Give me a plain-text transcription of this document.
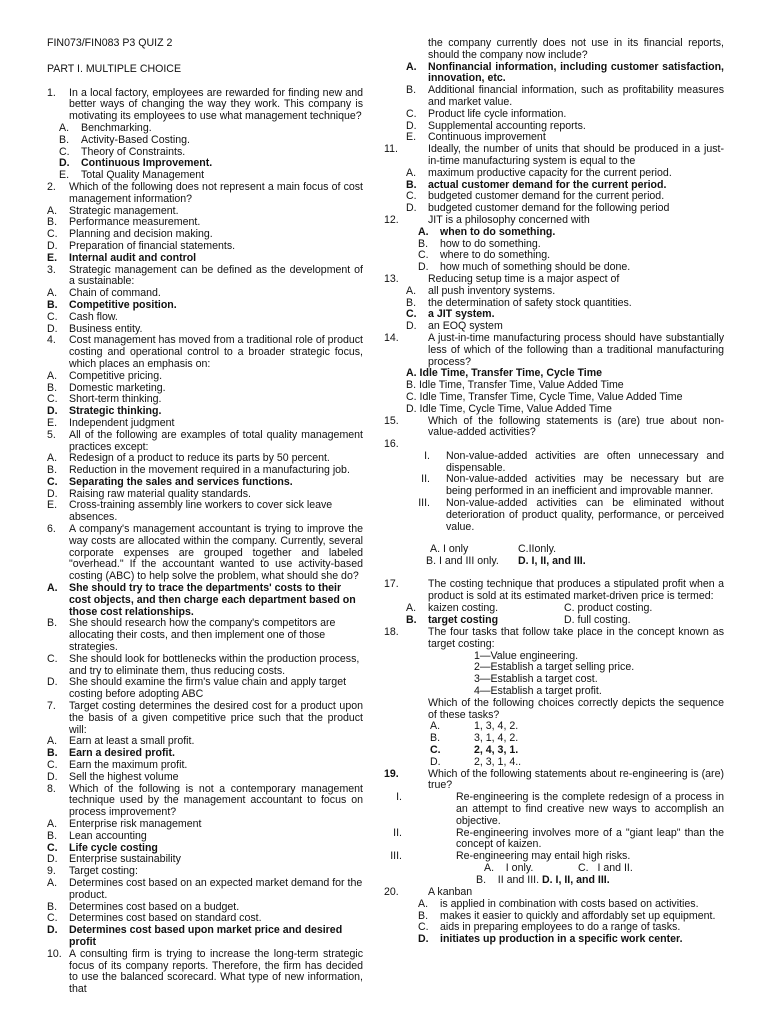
FIN073/FIN083 P3 QUIZ 2
PART I. MULTIPLE CHOICE
1. In a local factory, employees are rewarded for finding new and better ways of changing the way they work. This company is motivating its employees to use what management technique?
A. Benchmarking.
B. Activity-Based Costing.
C. Theory of Constraints.
D. Continuous Improvement.
E. Total Quality Management
2. Which of the following does not represent a main focus of cost management information?
A. Strategic management.
B. Performance measurement.
C. Planning and decision making.
D. Preparation of financial statements.
E. Internal audit and control
3. Strategic management can be defined as the development of a sustainable:
A. Chain of command.
B. Competitive position.
C. Cash flow.
D. Business entity.
4. Cost management has moved from a traditional role of product costing and operational control to a broader strategic focus, which places an emphasis on:
A. Competitive pricing.
B. Domestic marketing.
C. Short-term thinking.
D. Strategic thinking.
E. Independent judgment
5. All of the following are examples of total quality management practices except:
A. Redesign of a product to reduce its parts by 50 percent.
B. Reduction in the movement required in a manufacturing job.
C. Separating the sales and services functions.
D. Raising raw material quality standards.
E. Cross-training assembly line workers to cover sick leave absences.
6. A company's management accountant is trying to improve the way costs are allocated within the company. Currently, several corporate expenses are grouped together and labeled "overhead." If the accountant wanted to use activity-based costing (ABC) to help solve the problem, what should she do?
A. She should try to trace the departments' costs to their cost objects, and then charge each department based on those cost relationships.
B. She should research how the company's competitors are allocating their costs, and then implement one of those strategies.
C. She should look for bottlenecks within the production process, and try to eliminate them, thus reducing costs.
D. She should examine the firm's value chain and apply target costing before adopting ABC
7. Target costing determines the desired cost for a product upon the basis of a given competitive price such that the product will:
A. Earn at least a small profit.
B. Earn a desired profit.
C. Earn the maximum profit.
D. Sell the highest volume
8. Which of the following is not a contemporary management technique used by the management accountant to focus on process improvement?
A. Enterprise risk management
B. Lean accounting
C. Life cycle costing
D. Enterprise sustainability
9. Target costing:
A. Determines cost based on an expected market demand for the product.
B. Determines cost based on a budget.
C. Determines cost based on standard cost.
D. Determines cost based upon market price and desired profit
10. A consulting firm is trying to increase the long-term strategic focus of its company reports. Therefore, the firm has decided to use the balanced scorecard. What type of new information, that
the company currently does not use in its financial reports, should the company now include?
A. Nonfinancial information, including customer satisfaction, innovation, etc.
B. Additional financial information, such as profitability measures and market value.
C. Product life cycle information.
D. Supplemental accounting reports.
E. Continuous improvement
11.	Ideally, the number of units that should be produced in a just-in-time manufacturing system is equal to the
A. maximum productive capacity for the current period.
B. actual customer demand for the current period.
C. budgeted customer demand for the current period.
D. budgeted customer demand for the following period
12.	JIT is a philosophy concerned with
A. when to do something.
B. how to do something.
C. where to do something.
D. how much of something should be done.
13.	Reducing setup time is a major aspect of
A. all push inventory systems.
B. the determination of safety stock quantities.
C. a JIT system.
D. an EOQ system
14.	A just-in-time manufacturing process should have substantially less of which of the following than a traditional manufacturing process?
A. Idle Time, Transfer Time, Cycle Time
B. Idle Time, Transfer Time, Value Added Time
C. Idle Time, Transfer Time, Cycle Time, Value Added Time
D. Idle Time, Cycle Time, Value Added Time
15.	Which of the following statements is (are) true about non-value-added activities?
16.

I. Non-value-added activities are often unnecessary and dispensable.
II. Non-value-added activities may be necessary but are being performed in an inefficient and improvable manner.
III. Non-value-added activities can be eliminated without deterioration of product quality, performance, or perceived value.
A. I only	C.IIonly.
B. I and III only. D. I, II, and III.
17.	The costing technique that produces a stipulated profit when a product is sold at its estimated market-driven price is termed:
A. kaizen costing.	C. product costing.
B. target costing	D. full costing.
18.	The four tasks that follow take place in the concept known as target costing:
1—Value engineering.
2—Establish a target selling price.
3—Establish a target cost.
4—Establish a target profit.
Which of the following choices correctly depicts the sequence of these tasks?
A.	1, 3, 4, 2.
B.	3, 1, 4, 2.
C.	2, 4, 3, 1.
D.	2, 3, 1, 4..
19.	Which of the following statements about re-engineering is (are) true?
I.	Re-engineering is the complete redesign of a process in an attempt to find creative new ways to accomplish an objective.
II.	Re-engineering involves more of a "giant leap" than the concept of kaizen.
III.	Re-engineering may entail high risks.
A. I only.	C. I and II.
B. II and III. D. I, II, and III.
20.	A kanban
A. is applied in combination with costs based on activities.
B. makes it easier to quickly and affordably set up equipment.
C. aids in preparing employees to do a range of tasks.
D. initiates up production in a specific work center.
